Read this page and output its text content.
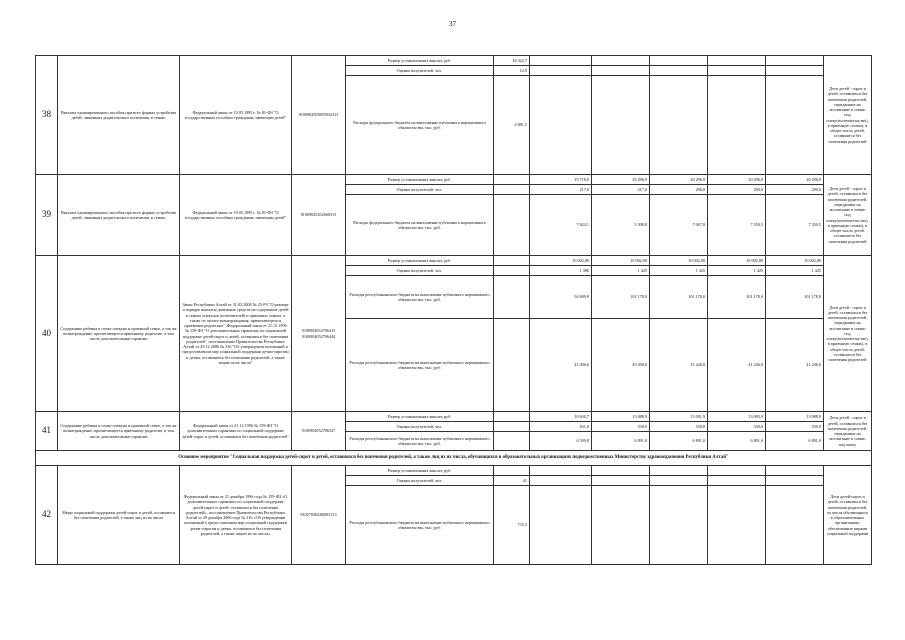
37
38	Выплата единовременного пособия при всех формах устройства детей, лишенных родительского попечения, в семью	Федеральный закон от 19.05.1995 г. № 81-ФЗ "О государственных пособиях гражданам, имеющим детей"	9100904505805032313	Размер установленных выплат, руб.	16 322,7						Дети детей - сирот и детей, оставшихся без попечения родителей, переданные на воспитание в семью под опеку(попечительство), в приемную семью), в общее число детей, оставшиеся без попечения родителей
				Оценка получателей, чел.	12,0						
				Расходы федерального бюджета на выполнение публичного нормативного обязательства, тыс. руб.	4 881,5						
39	Выплата единовременного пособия при всех формах устройства детей, лишенных родительского попечения, в семью	Федеральный закон от 19.05.1995 г. № 81-ФЗ "О государственных пособиях гражданам, имеющим детей"	91009045252600313	Размер установленных выплат, руб.		19 718,8	20 296,9	20 296,9	20 296,9	20 296,9	Дети детей - сирот и детей, оставшихся без попечения родителей, переданные на воспитание в семью под опеку(попечительство), в приемную семью), в общее число детей, оставшиеся без попечения родителей
				Оценка получателей, чел.		217,0	217,0	290,0	290,0	290,0	
				Расходы федерального бюджета на выполнение публичного нормативного обязательства, тыс. руб.		7 824,1	5 308,8	7 067,8	7 350,5	7 350,5	
40	Содержание ребенка в семье опекуна и приемной семье, а так же вознаграждение, причитающееся приемному родителю, в том числе дополнительные гарантии	Закон Республики Алтай от 31.03.2008 № 25-РЗ "О размере и порядке выплаты денежных средств на содержание детей в семьях опекунов (попечителей) и приемных семьях, а также по оплате вознаграждения, причитающегося приемным родителям", Федеральный закон от 21.12.1996 № 159-ФЗ "О дополнительных гарантиях по социальной поддержке детей-сирот и детей, оставшихся без попечения родителей", постановление Правительства Республики Алтай от 29.12.2006 № 316 "Об утверждении положений о предоставлении мер социальной поддержки детям-сиротам и детям, оставшимся без попечения родителей, а также лицам из их числа"	9100904053706415 9100904052706444	Размер установленных выплат, руб.		10 002,00	10 002,00	10 002,00	10 002,00	10 002,00	Дети детей - сирот и детей, оставшихся без попечения родителей, переданные на воспитание в семью под опеку(попечительство), в приемную семью), в общее число детей, оставшиеся без попечения родителей
				Оценка получателей, чел.		1 380	1 425	1 425	1 425	1 425	
				Расходы республиканского бюджета на выполнение публичного нормативного обязательства, тыс. руб.		94 699,9	101 178,0	101 178,0	101 178,0	101 178,0	
				Расходы республиканского бюджета на выполнение публичного нормативного обязательства, тыс. руб.		41 046,6	49 200,0	41 246,0	41 246,0	41 246,0	
41	Содержание ребенка в семье опекуна и приемной семье, а так же вознаграждение, причитающееся приемному родителю, в том числе дополнительные гарантии	Федеральный закон от 21.12.1996 № 159-ФЗ "О дополнительных гарантиях по социальной поддержке детей-сирот и детей, оставшихся без попечения родителей"	9100904052706327	Размер установленных выплат, руб.		10 630,7	13 088,9	13 091,9	13 093,9	13 088,9	Дети детей - сирот и детей, оставшихся без попечения родителей, переданные на воспитание в семью под опеку
				Оценка получателей, чел.		631,0	530,0	530,0	530,0	530,0	
				Расходы республиканского бюджета на выполнение публичного нормативного обязательства, тыс. руб.		6 509,8	6 891,0	6 891,0	6 891,0	6 891,0	
Основное мероприятие "Социальная поддержка детей-сирот и детей, оставшихся без попечения родителей, а также лиц из их числа, обучающихся в образовательных организациях подведомственных Министерству здравоохранения Республики Алтай"											
42	Меры социальной поддержки детей-сирот и детей, оставшихся без попечения родителей, а также лиц из их числа	Федеральный закон от 21 декабря 1996 года № 159-ФЗ «О дополнительных гарантиях по социальной поддержке детей-сирот и детей, оставшихся без попечения родителей», постановление Правительства Республики Алтай от 29 декабря 2006 года № 316 «Об утверждении положений о предоставлении мер социальной поддержки детям-сиротам и детям, оставшимся без попечения родителей, а также лицам из их числа»	9100704622R003313	Размер установленных выплат, руб.							Дети детей-сирот и детей, оставшихся без попечения родителей, из числа обучающихся в образовательных организациях, обеспеченные мерами социальной поддержки
				Оценка получателей, чел.	41						
				Расходы республиканского бюджета на выполнение публичного нормативного обязательства, тыс. руб.	735,3						
